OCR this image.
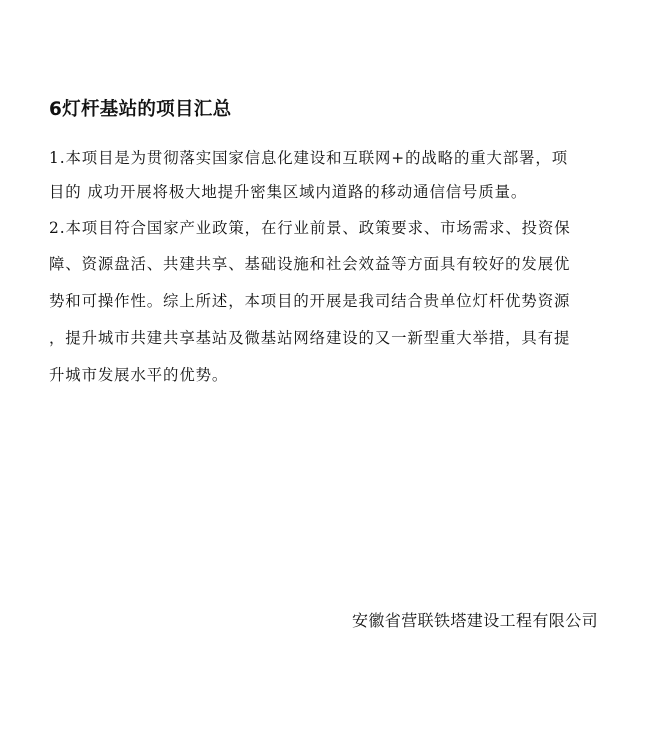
6灯杆基站的项目汇总

1.本项目是为贯彻落实国家信息化建设和互联网+的战略的重大部署，项

目的 成功开展将极大地提升密集区域内道路的移动通信信号质量。

2.本项目符合国家产业政策，在行业前景、政策要求、市场需求、投资保

障、资源盘活、共建共享、基础设施和社会效益等方面具有较好的发展优

势和可操作性。综上所述，本项目的开展是我司结合贵单位灯杆优势资源

，提升城市共建共享基站及微基站网络建设的又一新型重大举措，具有提

升城市发展水平的优势。

安徽省营联铁塔建设工程有限公司
